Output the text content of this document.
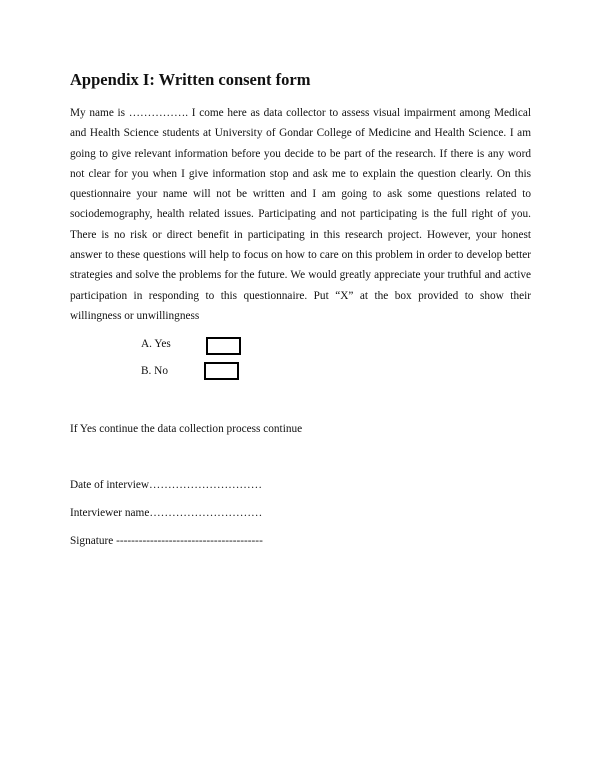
Appendix I: Written consent form

My name is ……………. I come here as data collector to assess visual impairment among Medical and Health Science students at University of Gondar College of Medicine and Health Science. I am going to give relevant information before you decide to be part of the research. If there is any word not clear for you when I give information stop and ask me to explain the question clearly. On this questionnaire your name will not be written and I am going to ask some questions related to sociodemography, health related issues. Participating and not participating is the full right of you. There is no risk or direct benefit in participating in this research project. However, your honest answer to these questions will help to focus on how to care on this problem in order to develop better strategies and solve the problems for the future. We would greatly appreciate your truthful and active participation in responding to this questionnaire. Put “X” at the box provided to show their willingness or unwillingness

A. Yes
B. No
If Yes continue the data collection process continue
Date of interview…………………………
Interviewer name…………………………
Signature ---------------------------------------
